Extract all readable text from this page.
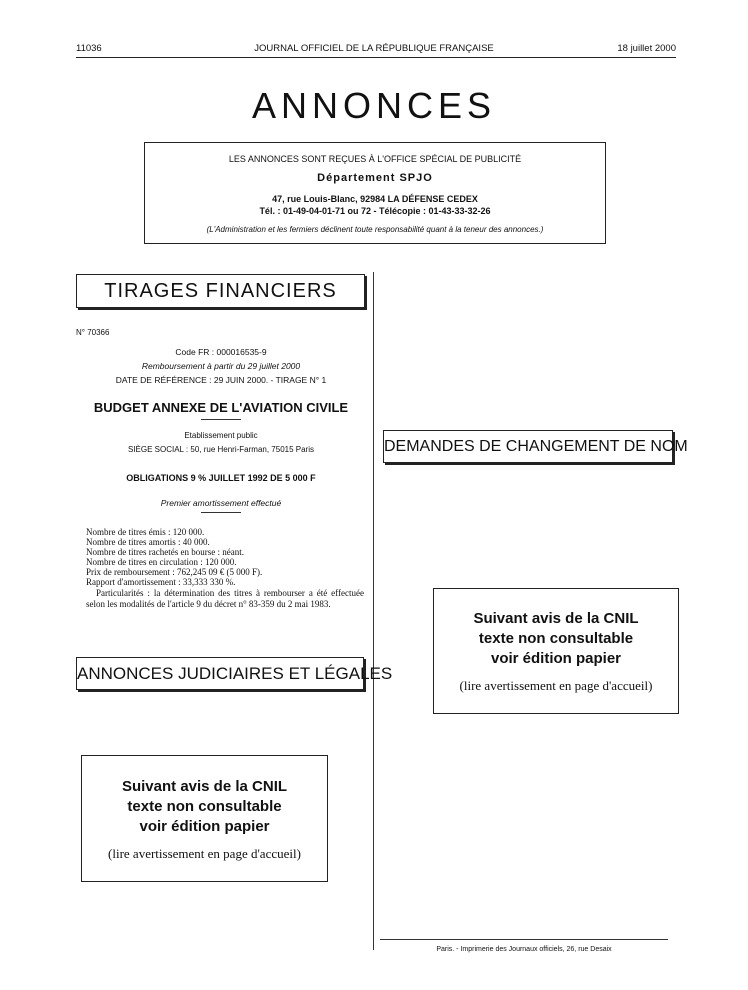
11036	JOURNAL OFFICIEL DE LA RÉPUBLIQUE FRANÇAISE	18 juillet 2000
ANNONCES
LES ANNONCES SONT REÇUES À L'OFFICE SPÉCIAL DE PUBLICITÉ
Département SPJO
47, rue Louis-Blanc, 92984 LA DÉFENSE CEDEX
Tél. : 01-49-04-01-71 ou 72 - Télécopie : 01-43-33-32-26
(L'Administration et les fermiers déclinent toute responsabilité quant à la teneur des annonces.)
TIRAGES FINANCIERS
N° 70366
Code FR : 000016535-9
Remboursement à partir du 29 juillet 2000
DATE DE RÉFÉRENCE : 29 JUIN 2000. - TIRAGE N° 1
BUDGET ANNEXE DE L'AVIATION CIVILE
Etablissement public
SIÈGE SOCIAL : 50, rue Henri-Farman, 75015 Paris
OBLIGATIONS 9 % JUILLET 1992 DE 5 000 F
Premier amortissement effectué
Nombre de titres émis : 120 000.
Nombre de titres amortis : 40 000.
Nombre de titres rachetés en bourse : néant.
Nombre de titres en circulation : 120 000.
Prix de remboursement : 762,245 09 € (5 000 F).
Rapport d'amortissement : 33,333 330 %.
Particularités : la détermination des titres à rembourser a été effectuée selon les modalités de l'article 9 du décret n° 83-359 du 2 mai 1983.
ANNONCES JUDICIAIRES ET LÉGALES
Suivant avis de la CNIL
texte non consultable
voir édition papier
(lire avertissement en page d'accueil)
DEMANDES DE CHANGEMENT DE NOM
Suivant avis de la CNIL
texte non consultable
voir édition papier
(lire avertissement en page d'accueil)
Paris. - Imprimerie des Journaux officiels, 26, rue Desaix
